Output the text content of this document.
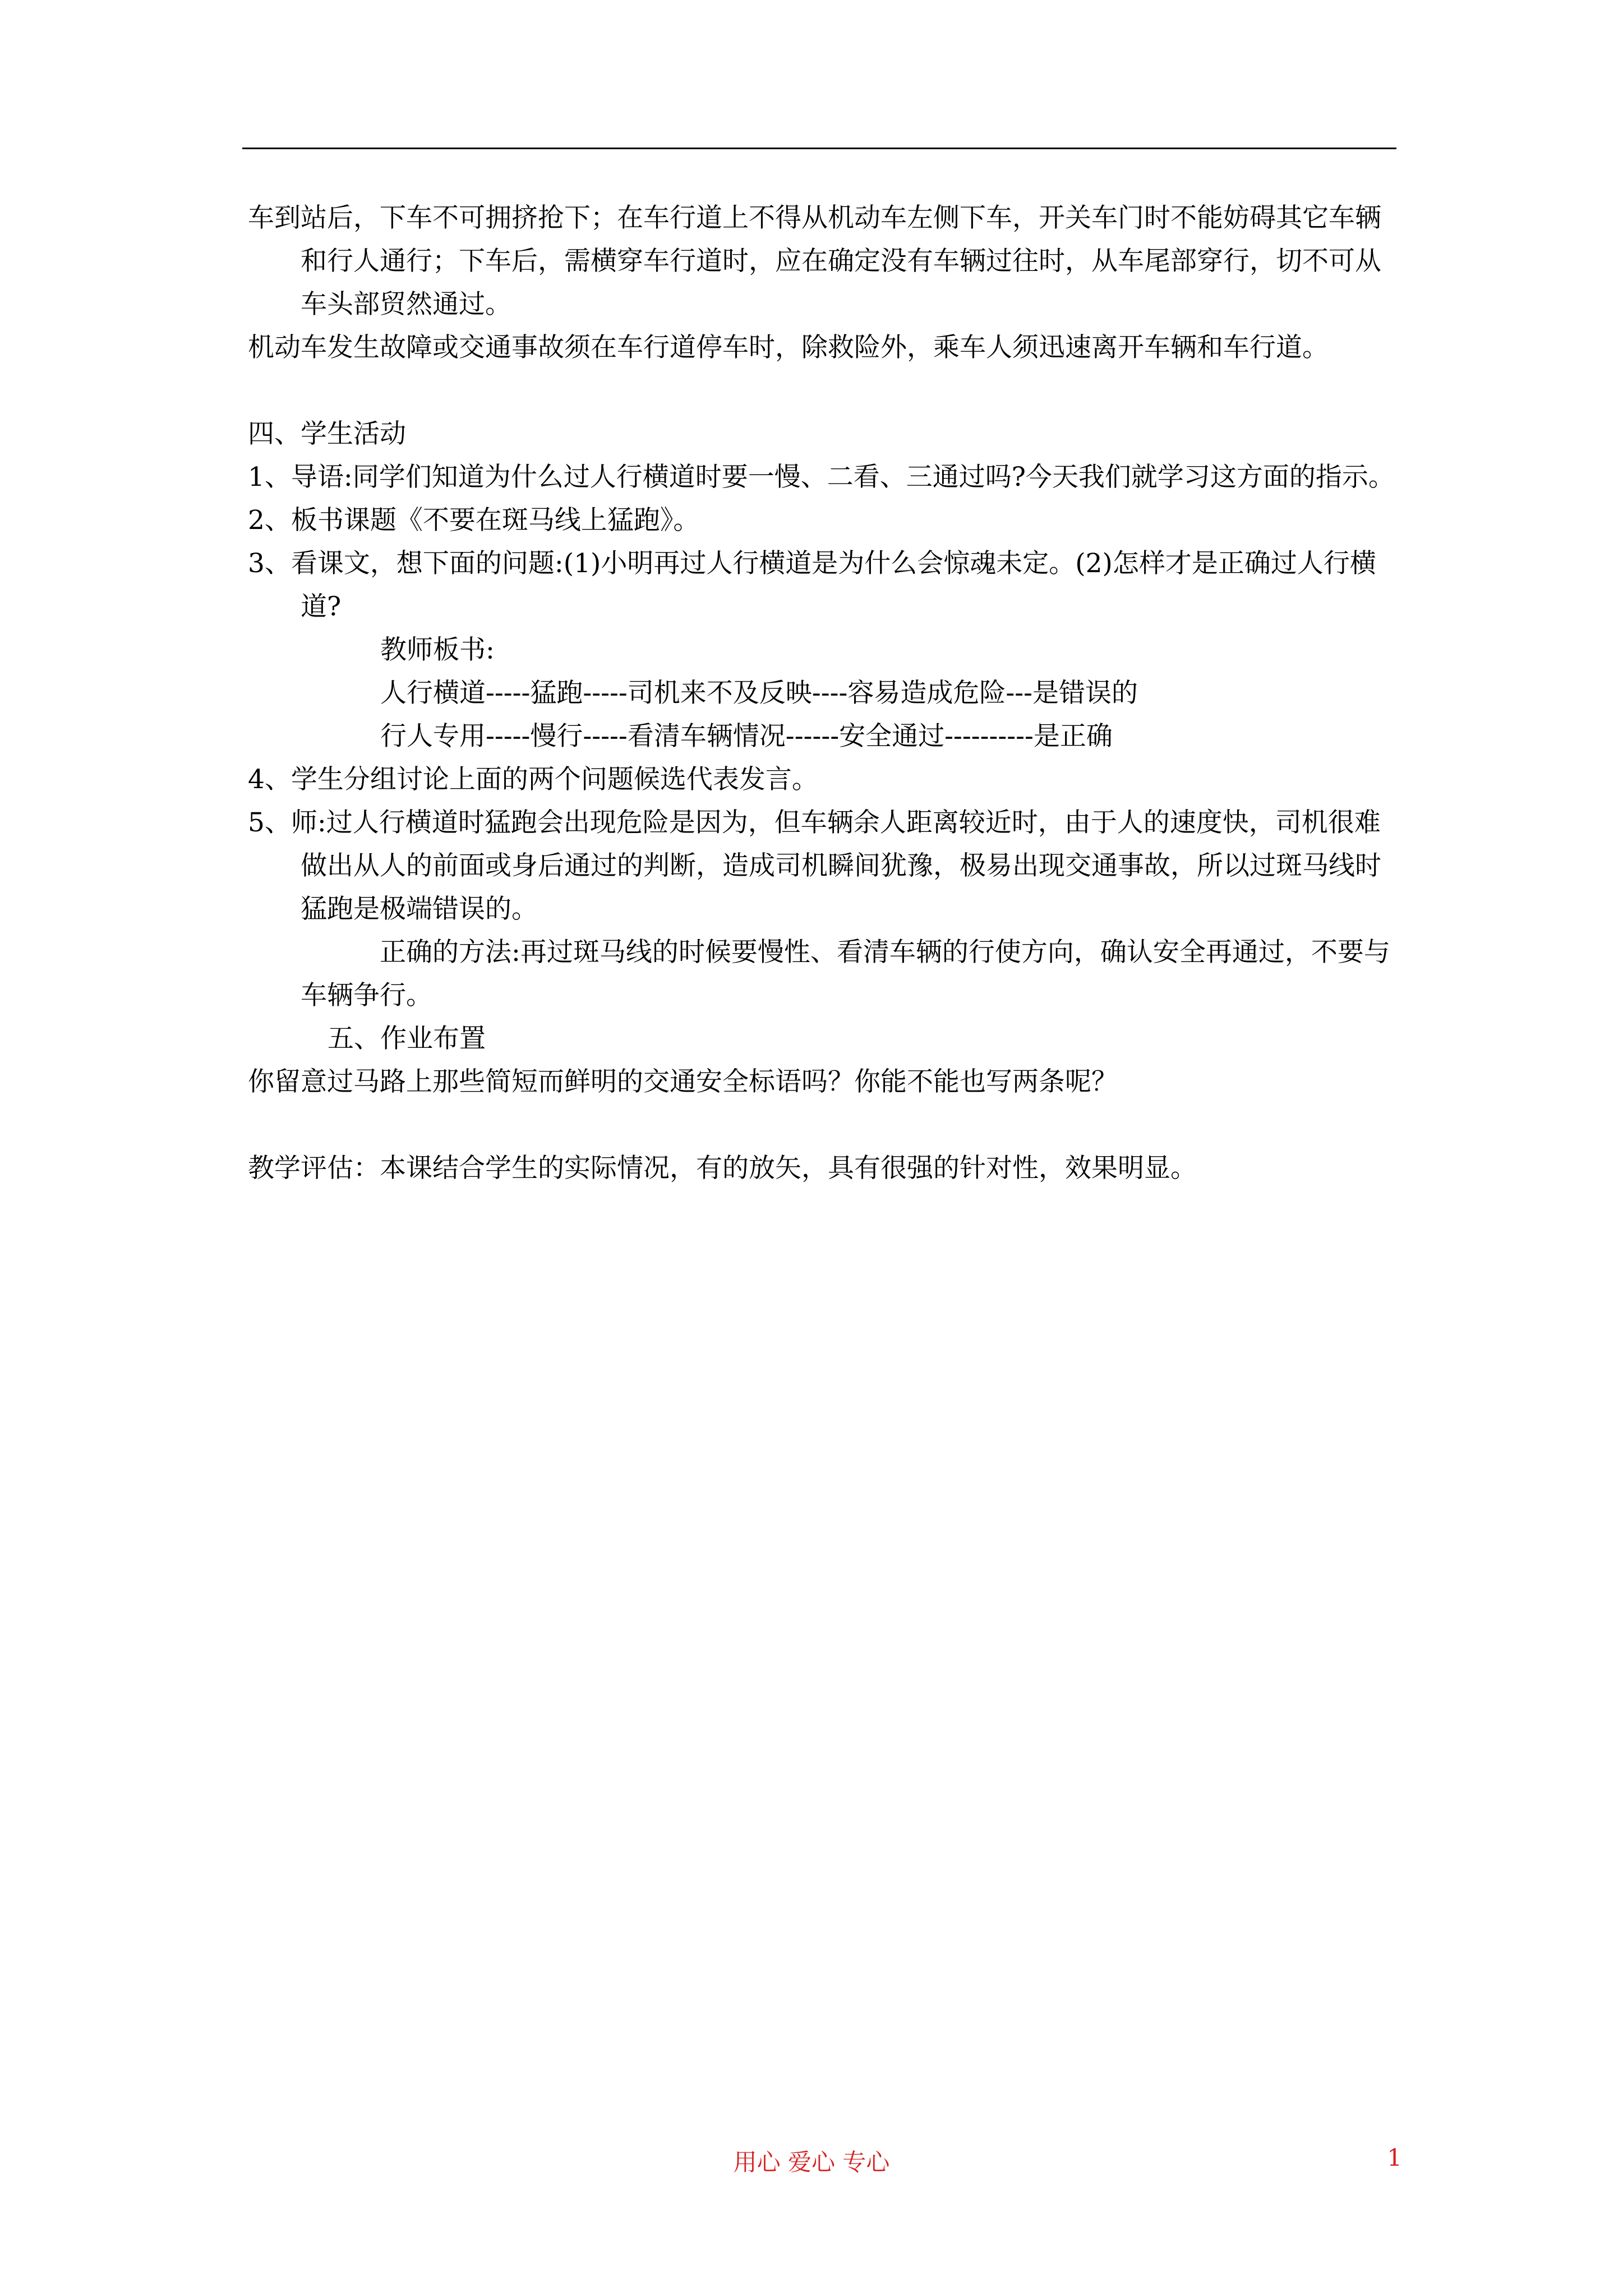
车到站后，下车不可拥挤抢下；在车行道上不得从机动车左侧下车，开关车门时不能妨碍其它车辆和行人通行；下车后，需横穿车行道时，应在确定没有车辆过往时，从车尾部穿行，切不可从车头部贸然通过。

机动车发生故障或交通事故须在车行道停车时，除救险外，乘车人须迅速离开车辆和车行道。

四、学生活动

1、导语:同学们知道为什么过人行横道时要一慢、二看、三通过吗?今天我们就学习这方面的指示。

2、板书课题《不要在斑马线上猛跑》。

3、看课文，想下面的问题:(1)小明再过人行横道是为什么会惊魂未定。(2)怎样才是正确过人行横道?

教师板书:

人行横道-----猛跑-----司机来不及反映----容易造成危险---是错误的

行人专用-----慢行-----看清车辆情况------安全通过----------是正确

4、学生分组讨论上面的两个问题候选代表发言。

5、师:过人行横道时猛跑会出现危险是因为，但车辆余人距离较近时，由于人的速度快，司机很难做出从人的前面或身后通过的判断，造成司机瞬间犹豫，极易出现交通事故，所以过斑马线时猛跑是极端错误的。

正确的方法:再过斑马线的时候要慢性、看清车辆的行使方向，确认安全再通过，不要与车辆争行。

五、作业布置

你留意过马路上那些简短而鲜明的交通安全标语吗？你能不能也写两条呢？

教学评估：本课结合学生的实际情况，有的放矢，具有很强的针对性，效果明显。

用心 爱心 专心	1
